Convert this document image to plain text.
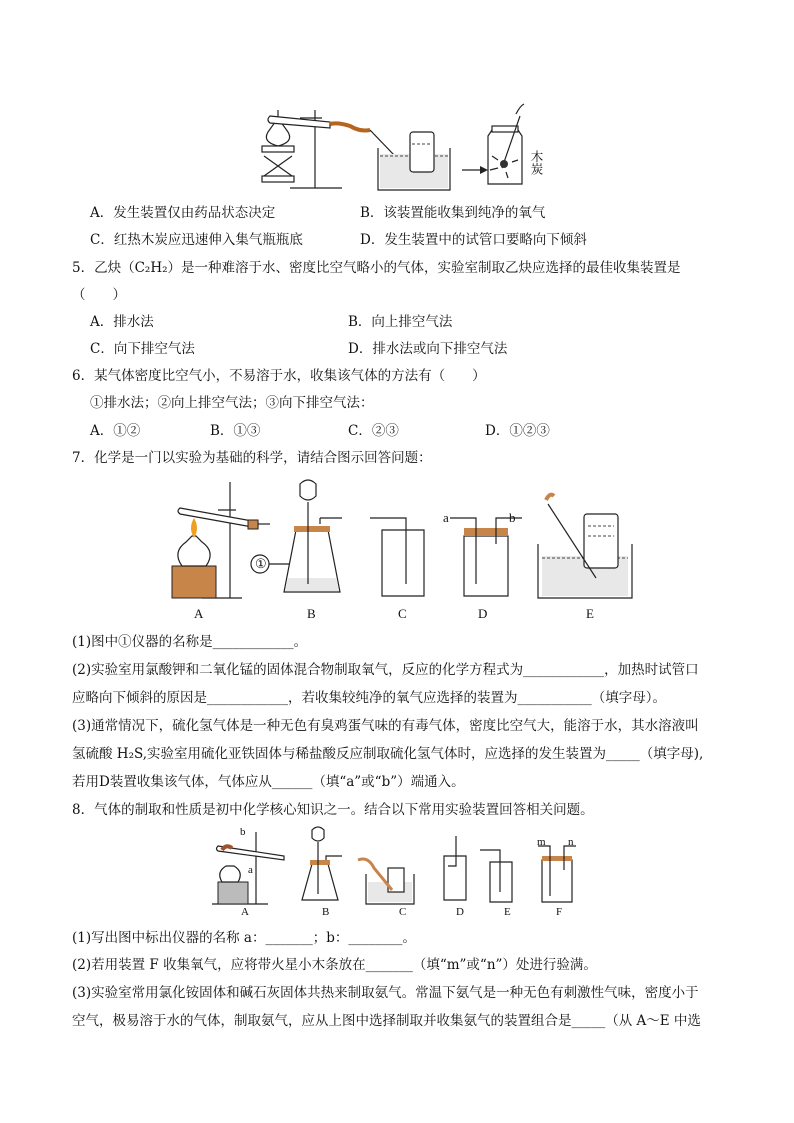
木炭
A．发生装置仅由药品状态决定	B．该装置能收集到纯净的氧气
C．红热木炭应迅速伸入集气瓶瓶底	D．发生装置中的试管口要略向下倾斜
5．乙炔（C₂H₂）是一种难溶于水、密度比空气略小的气体，实验室制取乙炔应选择的最佳收集装置是
（　　）
A．排水法	B．向上排空气法
C．向下排空气法	D．排水法或向下排空气法
6．某气体密度比空气小，不易溶于水，收集该气体的方法有（　　）
①排水法；②向上排空气法；③向下排空气法：
A．①②	B．①③	C．②③	D．①②③
7．化学是一门以实验为基础的科学，请结合图示回答问题：
①
a	b
A	B	C	D	E
(1)图中①仪器的名称是____________。
(2)实验室用氯酸钾和二氧化锰的固体混合物制取氧气，反应的化学方程式为____________，加热时试管口
应略向下倾斜的原因是____________，若收集较纯净的氧气应选择的装置为___________（填字母）。
(3)通常情况下，硫化氢气体是一种无色有臭鸡蛋气味的有毒气体，密度比空气大，能溶于水，其水溶液叫
氢硫酸 H₂S,实验室用硫化亚铁固体与稀盐酸反应制取硫化氢气体时，应选择的发生装置为_____（填字母),
若用D装置收集该气体，气体应从______（填“a”或“b”）端通入。
8．气体的制取和性质是初中化学核心知识之一。结合以下常用实验装置回答相关问题。
b
a
m n
A	B	C	D	E	F
(1)写出图中标出仪器的名称 a：_______；b：________。
(2)若用装置 F 收集氧气，应将带火星小木条放在_______（填“m”或“n”）处进行验满。
(3)实验室常用氯化铵固体和碱石灰固体共热来制取氨气。常温下氨气是一种无色有刺激性气味，密度小于
空气，极易溶于水的气体，制取氨气，应从上图中选择制取并收集氨气的装置组合是_____（从 A～E 中选
